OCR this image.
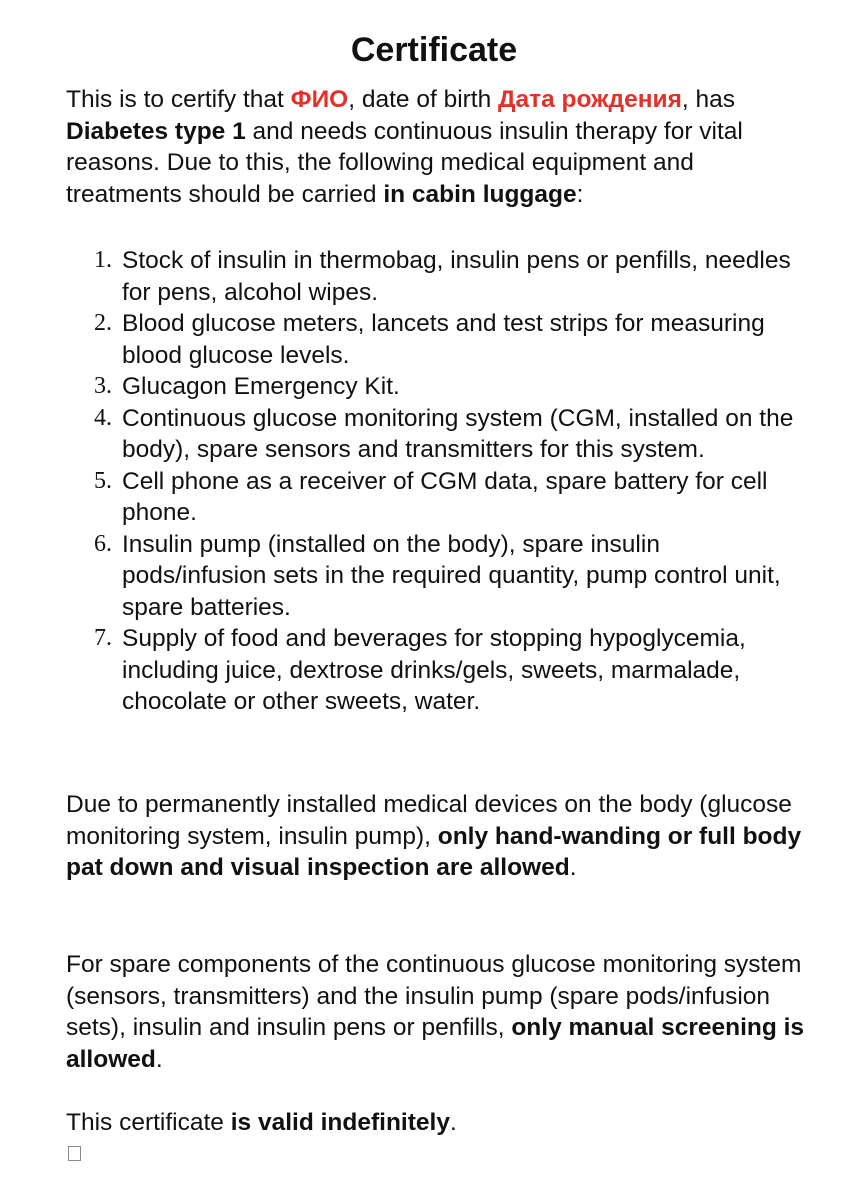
Certificate

This is to certify that ФИО, date of birth Дата рождения, has Diabetes type 1 and needs continuous insulin therapy for vital reasons. Due to this, the following medical equipment and treatments should be carried in cabin luggage:

1. Stock of insulin in thermobag, insulin pens or penfills, needles for pens, alcohol wipes.
2. Blood glucose meters, lancets and test strips for measuring blood glucose levels.
3. Glucagon Emergency Kit.
4. Continuous glucose monitoring system (CGM, installed on the body), spare sensors and transmitters for this system.
5. Cell phone as a receiver of CGM data, spare battery for cell phone.
6. Insulin pump (installed on the body), spare insulin pods/infusion sets in the required quantity, pump control unit, spare batteries.
7. Supply of food and beverages for stopping hypoglycemia, including juice, dextrose drinks/gels, sweets, marmalade, chocolate or other sweets, water.

Due to permanently installed medical devices on the body (glucose monitoring system, insulin pump), only hand-wanding or full body pat down and visual inspection are allowed.

For spare components of the continuous glucose monitoring system (sensors, transmitters) and the insulin pump (spare pods/infusion sets), insulin and insulin pens or penfills, only manual screening is allowed.

This certificate is valid indefinitely.
